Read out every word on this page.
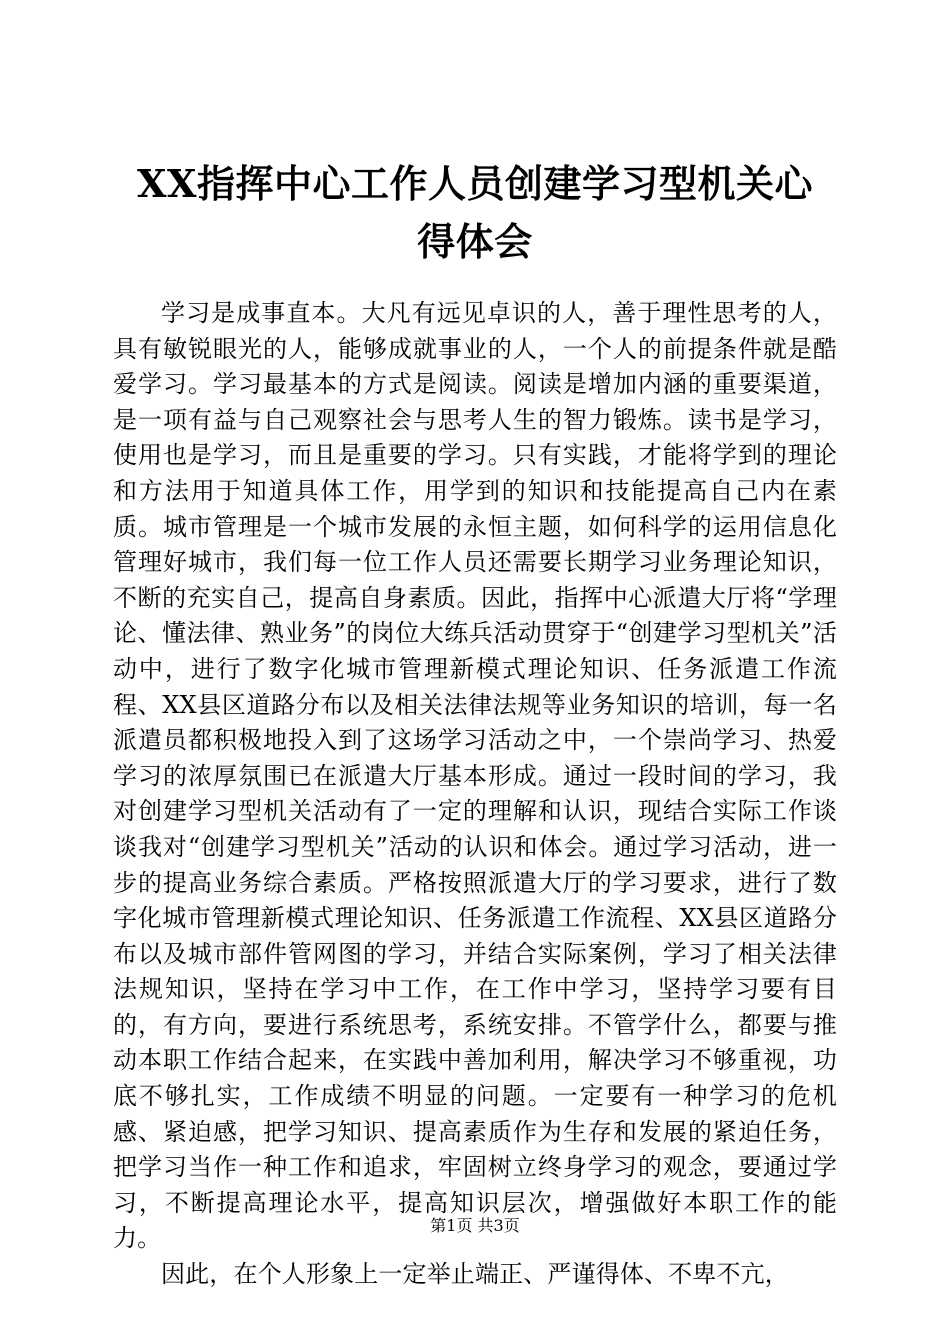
XX指挥中心工作人员创建学习型机关心得体会

学习是成事直本。大凡有远见卓识的人，善于理性思考的人，具有敏锐眼光的人，能够成就事业的人，一个人的前提条件就是酷爱学习。学习最基本的方式是阅读。阅读是增加内涵的重要渠道，是一项有益与自己观察社会与思考人生的智力锻炼。读书是学习，使用也是学习，而且是重要的学习。只有实践，才能将学到的理论和方法用于知道具体工作，用学到的知识和技能提高自己内在素质。城市管理是一个城市发展的永恒主题，如何科学的运用信息化管理好城市，我们每一位工作人员还需要长期学习业务理论知识，不断的充实自己，提高自身素质。因此，指挥中心派遣大厅将“学理论、懂法律、熟业务”的岗位大练兵活动贯穿于“创建学习型机关”活动中，进行了数字化城市管理新模式理论知识、任务派遣工作流程、XX县区道路分布以及相关法律法规等业务知识的培训，每一名派遣员都积极地投入到了这场学习活动之中，一个崇尚学习、热爱学习的浓厚氛围已在派遣大厅基本形成。通过一段时间的学习，我对创建学习型机关活动有了一定的理解和认识，现结合实际工作谈谈我对“创建学习型机关”活动的认识和体会。通过学习活动，进一步的提高业务综合素质。严格按照派遣大厅的学习要求，进行了数字化城市管理新模式理论知识、任务派遣工作流程、XX县区道路分布以及城市部件管网图的学习，并结合实际案例，学习了相关法律法规知识，坚持在学习中工作，在工作中学习，坚持学习要有目的，有方向，要进行系统思考，系统安排。不管学什么，都要与推动本职工作结合起来，在实践中善加利用，解决学习不够重视，功底不够扎实，工作成绩不明显的问题。一定要有一种学习的危机感、紧迫感，把学习知识、提高素质作为生存和发展的紧迫任务，把学习当作一种工作和追求，牢固树立终身学习的观念，要通过学习，不断提高理论水平，提高知识层次，增强做好本职工作的能力。

因此，在个人形象上一定举止端正、严谨得体、不卑不亢，

第1页 共3页
